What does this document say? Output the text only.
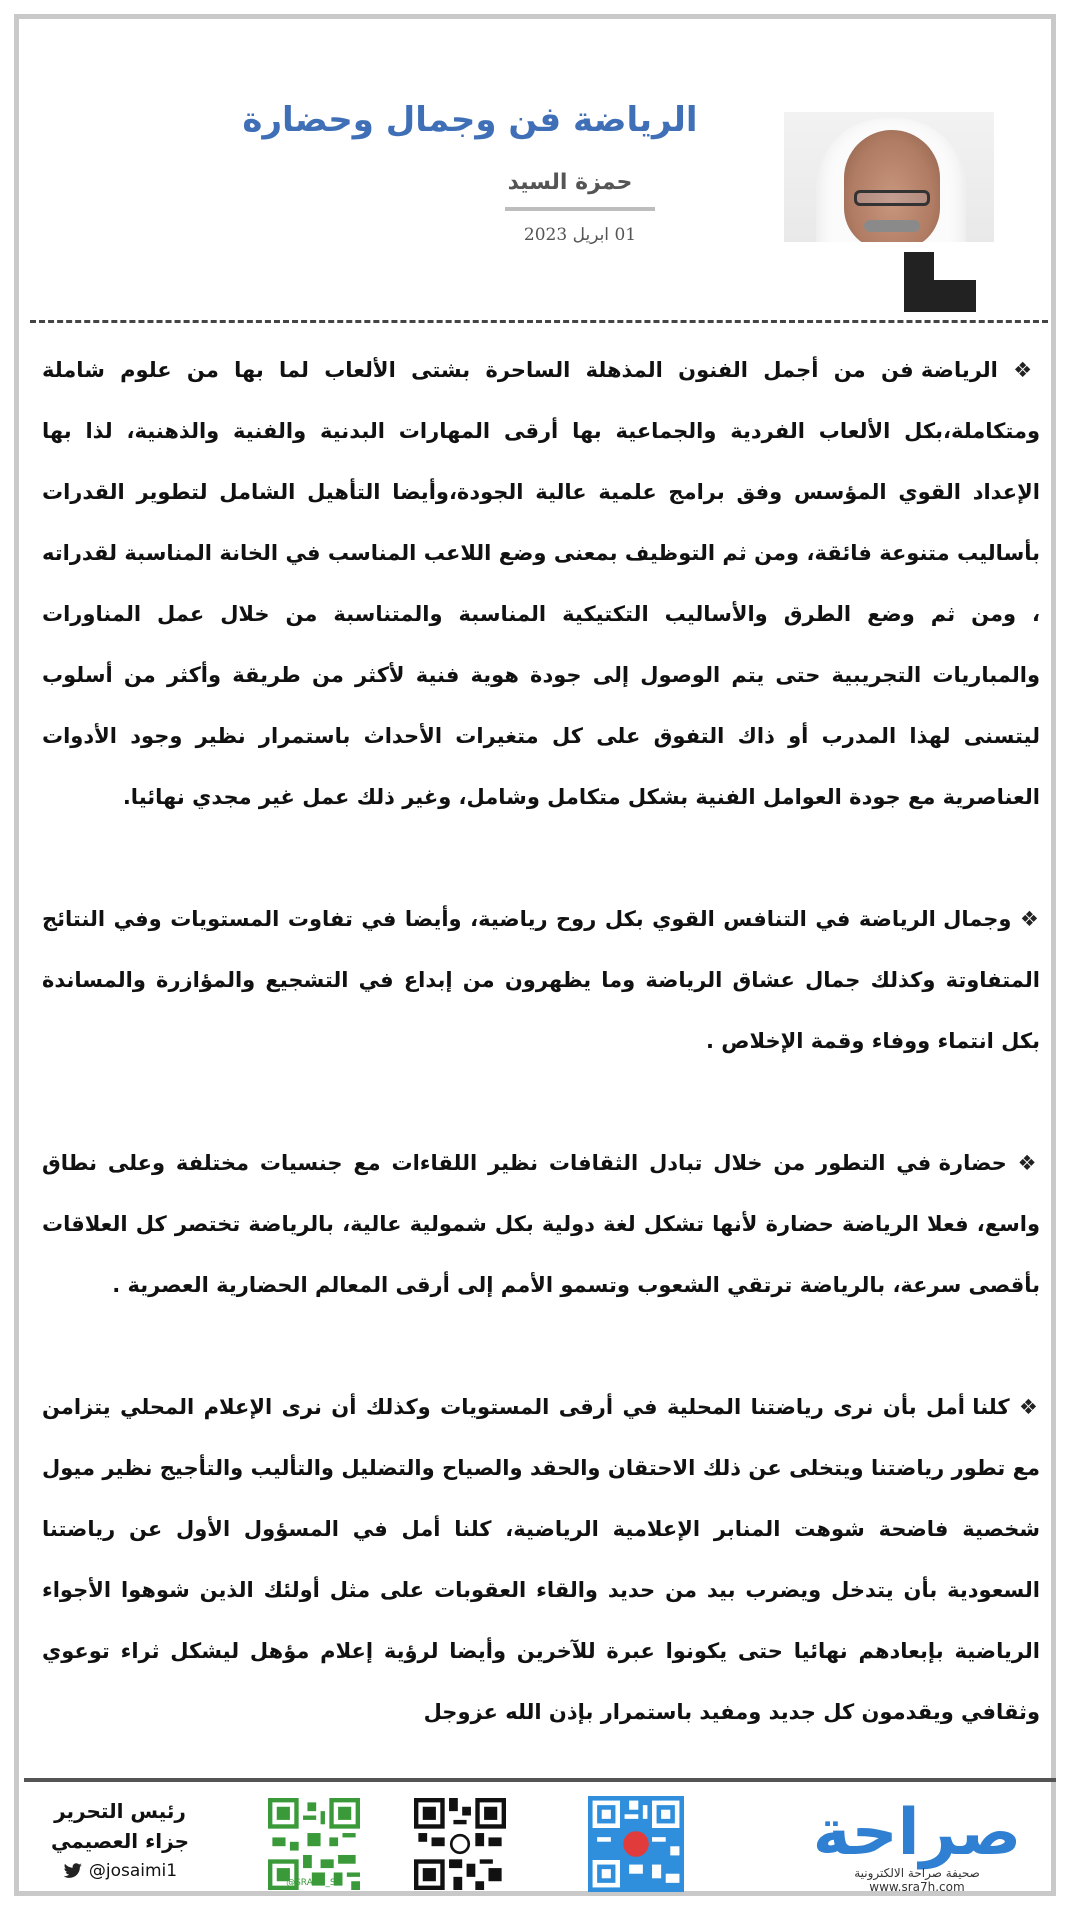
الرياضة فن وجمال وحضارة
حمزة السيد
01 ابريل 2023

❖ الرياضة فن من أجمل الفنون المذهلة الساحرة بشتى الألعاب لما بها من علوم شاملة ومتكاملة،بكل الألعاب الفردية والجماعية بها أرقى المهارات البدنية والفنية والذهنية، لذا بها الإعداد القوي المؤسس وفق برامج علمية عالية الجودة،وأيضا التأهيل الشامل لتطوير القدرات بأساليب متنوعة فائقة، ومن ثم التوظيف بمعنى وضع اللاعب المناسب في الخانة المناسبة لقدراته ، ومن ثم وضع الطرق والأساليب التكتيكية المناسبة والمتناسبة من خلال عمل المناورات والمباريات التجريبية حتى يتم الوصول إلى جودة هوية فنية لأكثر من طريقة وأكثر من أسلوب ليتسنى لهذا المدرب أو ذاك التفوق على كل متغيرات الأحداث باستمرار نظير وجود الأدوات العناصرية مع جودة العوامل الفنية بشكل متكامل وشامل، وغير ذلك عمل غير مجدي نهائيا.

❖ وجمال الرياضة في التنافس القوي بكل روح رياضية، وأيضا في تفاوت المستويات وفي النتائج المتفاوتة وكذلك جمال عشاق الرياضة وما يظهرون من إبداع في التشجيع والمؤازرة والمساندة بكل انتماء ووفاء وقمة الإخلاص .

❖ حضارة في التطور من خلال تبادل الثقافات نظير اللقاءات مع جنسيات مختلفة وعلى نطاق واسع، فعلا الرياضة حضارة لأنها تشكل لغة دولية بكل شمولية عالية، بالرياضة تختصر كل العلاقات بأقصى سرعة، بالرياضة ترتقي الشعوب وتسمو الأمم إلى أرقى المعالم الحضارية العصرية .

❖ كلنا أمل بأن نرى رياضتنا المحلية في أرقى المستويات وكذلك أن نرى الإعلام المحلي يتزامن مع تطور رياضتنا ويتخلى عن ذلك الاحتقان والحقد والصياح والتضليل والتأليب والتأجيج نظير ميول شخصية فاضحة شوهت المنابر الإعلامية الرياضية، كلنا أمل في المسؤول الأول عن رياضتنا السعودية بأن يتدخل ويضرب بيد من حديد والقاء العقوبات على مثل أولئك الذين شوهوا الأجواء الرياضية بإبعادهم نهائيا حتى يكونوا عبرة للآخرين وأيضا لرؤية إعلام مؤهل ليشكل ثراء توعوي وثقافي ويقدمون كل جديد ومفيد باستمرار بإذن الله عزوجل

رئيس التحرير
جزاء العصيمي
@josaimi1
@SRA7H_SA
صراحة
صحيفة صراحة الالكترونية
www.sra7h.com
